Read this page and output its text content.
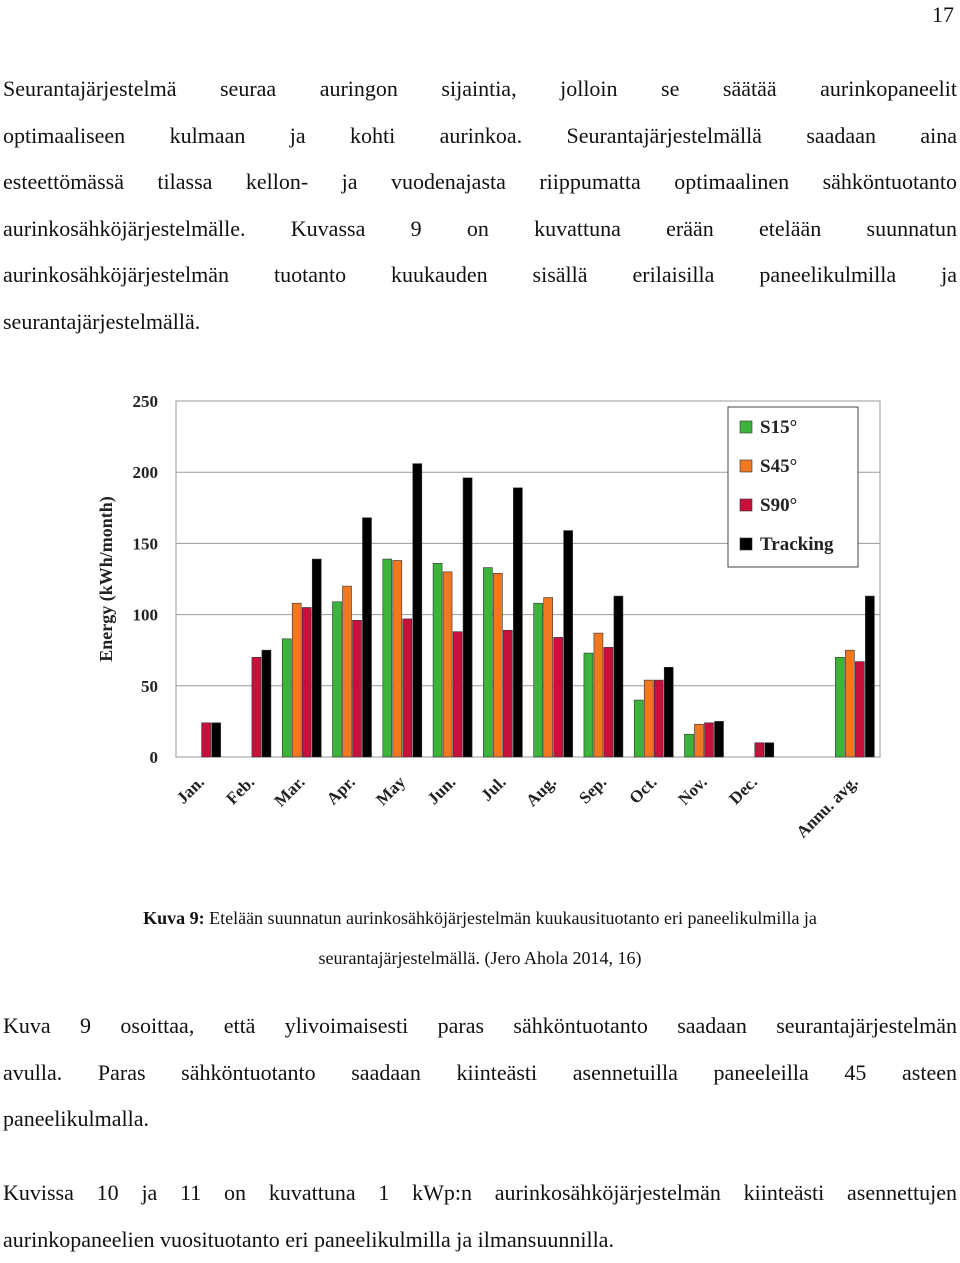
17

Seurantajärjestelmä seuraa auringon sijaintia, jolloin se säätää aurinkopaneelit
optimaaliseen kulmaan ja kohti aurinkoa. Seurantajärjestelmällä saadaan aina
esteettömässä tilassa kellon- ja vuodenajasta riippumatta optimaalinen sähköntuotanto
aurinkosähköjärjestelmälle. Kuvassa 9 on kuvattuna erään etelään suunnatun
aurinkosähköjärjestelmän tuotanto kuukauden sisällä erilaisilla paneelikulmilla ja
seurantajärjestelmällä.

0
50
100
150
200
250
Jan. Feb. Mar. Apr. May Jun. Jul. Aug. Sep. Oct. Nov. Dec. Annu. avg.
Energy (kWh/month)
S15°
S45°
S90°
Tracking
Kuva 9: Etelään suunnatun aurinkosähköjärjestelmän kuukausituotanto eri paneelikulmilla ja
seurantajärjestelmällä. (Jero Ahola 2014, 16)

Kuva 9 osoittaa, että ylivoimaisesti paras sähköntuotanto saadaan seurantajärjestelmän
avulla. Paras sähköntuotanto saadaan kiinteästi asennetuilla paneeleilla 45 asteen
paneelikulmalla.

Kuvissa 10 ja 11 on kuvattuna 1 kWp:n aurinkosähköjärjestelmän kiinteästi asennettujen
aurinkopaneelien vuosituotanto eri paneelikulmilla ja ilmansuunnilla.
